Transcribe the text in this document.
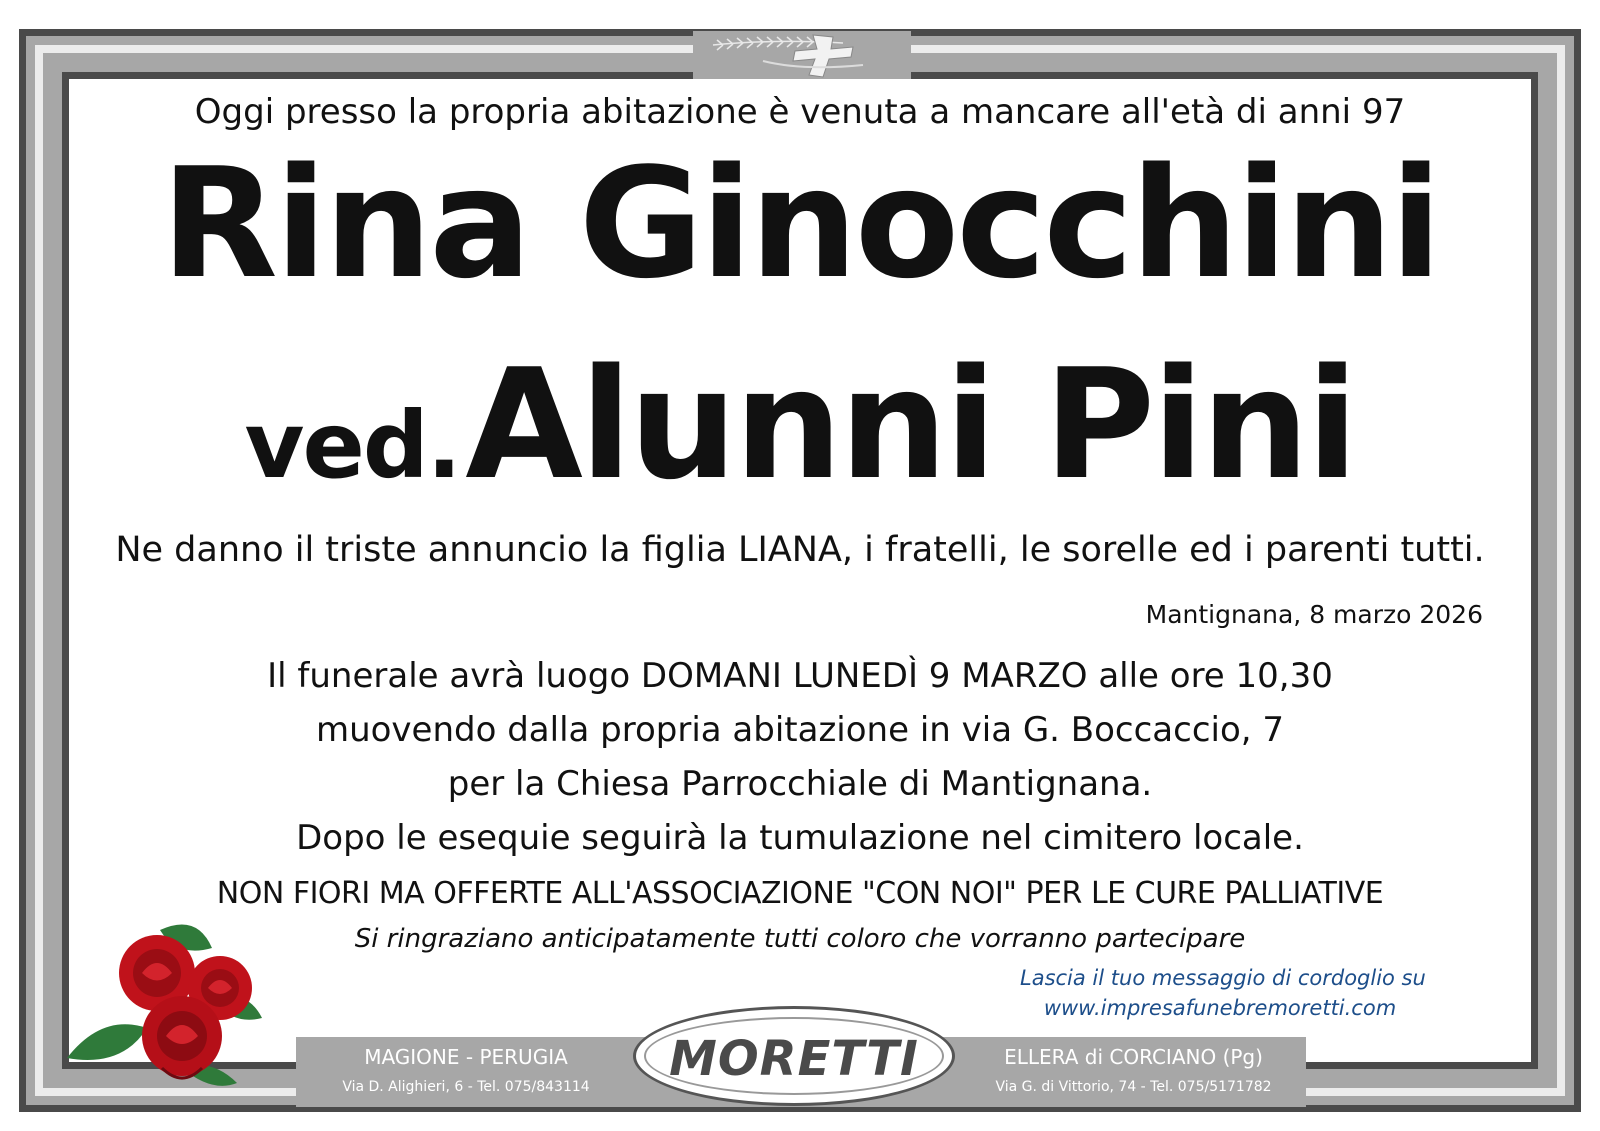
Oggi presso la propria abitazione è venuta a mancare all'età di anni 97
Rina Ginocchini
ved. Alunni Pini
Ne danno il triste annuncio la figlia LIANA, i fratelli, le sorelle ed i parenti tutti.
Mantignana, 8 marzo 2026
Il funerale avrà luogo DOMANI LUNEDÌ 9 MARZO alle ore 10,30
muovendo dalla propria abitazione in via G. Boccaccio, 7
per la Chiesa Parrocchiale di Mantignana.
Dopo le esequie seguirà la tumulazione nel cimitero locale.
NON FIORI MA OFFERTE ALL'ASSOCIAZIONE "CON NOI" PER LE CURE PALLIATIVE
Si ringraziano anticipatamente tutti coloro che vorranno partecipare
Lascia il tuo messaggio di cordoglio su
www.impresafunebremoretti.com
MAGIONE - PERUGIA
Via D. Alighieri, 6 - Tel. 075/843114
ELLERA di CORCIANO (Pg)
Via G. di Vittorio, 74 - Tel. 075/5171782
MORETTI
